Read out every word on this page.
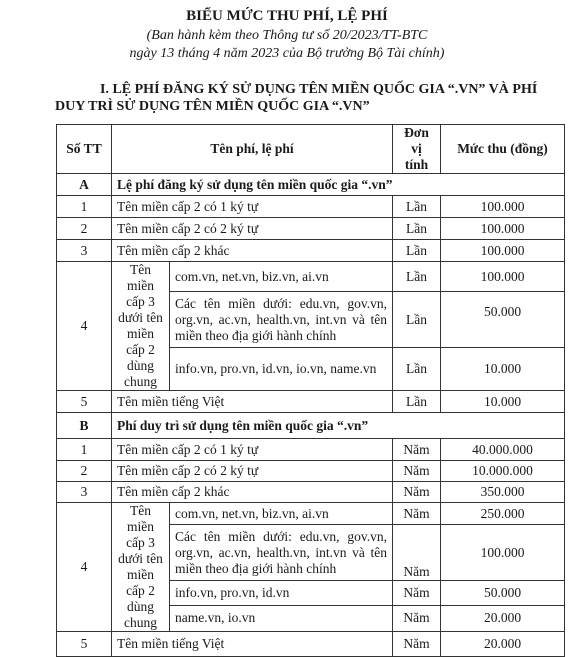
BIỂU MỨC THU PHÍ, LỆ PHÍ
(Ban hành kèm theo Thông tư số 20/2023/TT-BTC
ngày 13 tháng 4 năm 2023 của Bộ trưởng Bộ Tài chính)
I. LỆ PHÍ ĐĂNG KÝ SỬ DỤNG TÊN MIỀN QUỐC GIA “.VN” VÀ PHÍ
DUY TRÌ SỬ DỤNG TÊN MIỀN QUỐC GIA “.VN”
Số TT	Tên phí, lệ phí		Đơn vị tính	Mức thu (đồng)
A	Lệ phí đăng ký sử dụng tên miền quốc gia “.vn”			
1	Tên miền cấp 2 có 1 ký tự		Lần	100.000
2	Tên miền cấp 2 có 2 ký tự		Lần	100.000
3	Tên miền cấp 2 khác		Lần	100.000
4	Tên miền cấp 3 dưới tên miền cấp 2 dùng chung	com.vn, net.vn, biz.vn, ai.vn	Lần	100.000
		Các tên miền dưới: edu.vn, gov.vn, org.vn, ac.vn, health.vn, int.vn và tên miền theo địa giới hành chính	Lần	50.000
		info.vn, pro.vn, id.vn, io.vn, name.vn	Lần	10.000
5	Tên miền tiếng Việt		Lần	10.000
B	Phí duy trì sử dụng tên miền quốc gia “.vn”			
1	Tên miền cấp 2 có 1 ký tự		Năm	40.000.000
2	Tên miền cấp 2 có 2 ký tự		Năm	10.000.000
3	Tên miền cấp 2 khác		Năm	350.000
4	Tên miền cấp 3 dưới tên miền cấp 2 dùng chung	com.vn, net.vn, biz.vn, ai.vn	Năm	250.000
		Các tên miền dưới: edu.vn, gov.vn, org.vn, ac.vn, health.vn, int.vn và tên miền theo địa giới hành chính	Năm	100.000
		info.vn, pro.vn, id.vn	Năm	50.000
		name.vn, io.vn	Năm	20.000
5	Tên miền tiếng Việt		Năm	20.000
